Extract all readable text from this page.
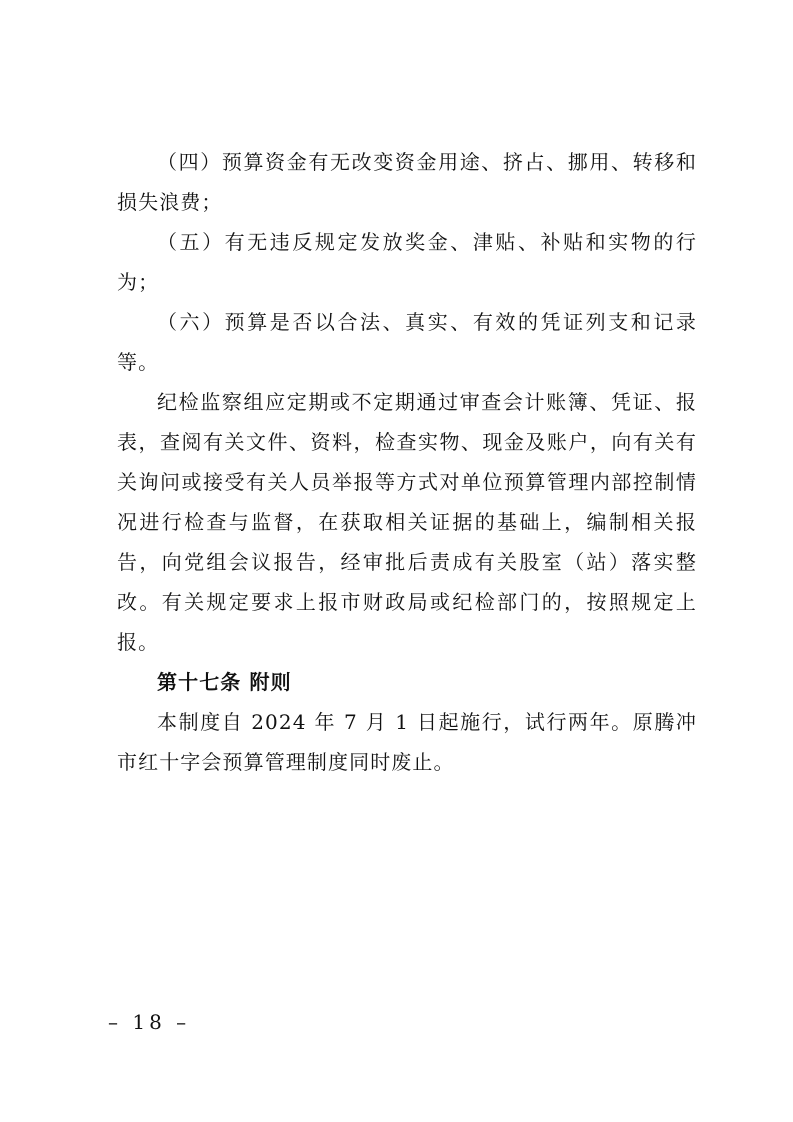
（四）预算资金有无改变资金用途、挤占、挪用、转移和损失浪费；

（五）有无违反规定发放奖金、津贴、补贴和实物的行为；

（六）预算是否以合法、真实、有效的凭证列支和记录等。

纪检监察组应定期或不定期通过审查会计账簿、凭证、报表，查阅有关文件、资料，检查实物、现金及账户，向有关有关询问或接受有关人员举报等方式对单位预算管理内部控制情况进行检查与监督，在获取相关证据的基础上，编制相关报告，向党组会议报告，经审批后责成有关股室（站）落实整改。有关规定要求上报市财政局或纪检部门的，按照规定上报。

第十七条 附则

本制度自 2024 年 7 月 1 日起施行，试行两年。原腾冲市红十字会预算管理制度同时废止。

– 18 –
